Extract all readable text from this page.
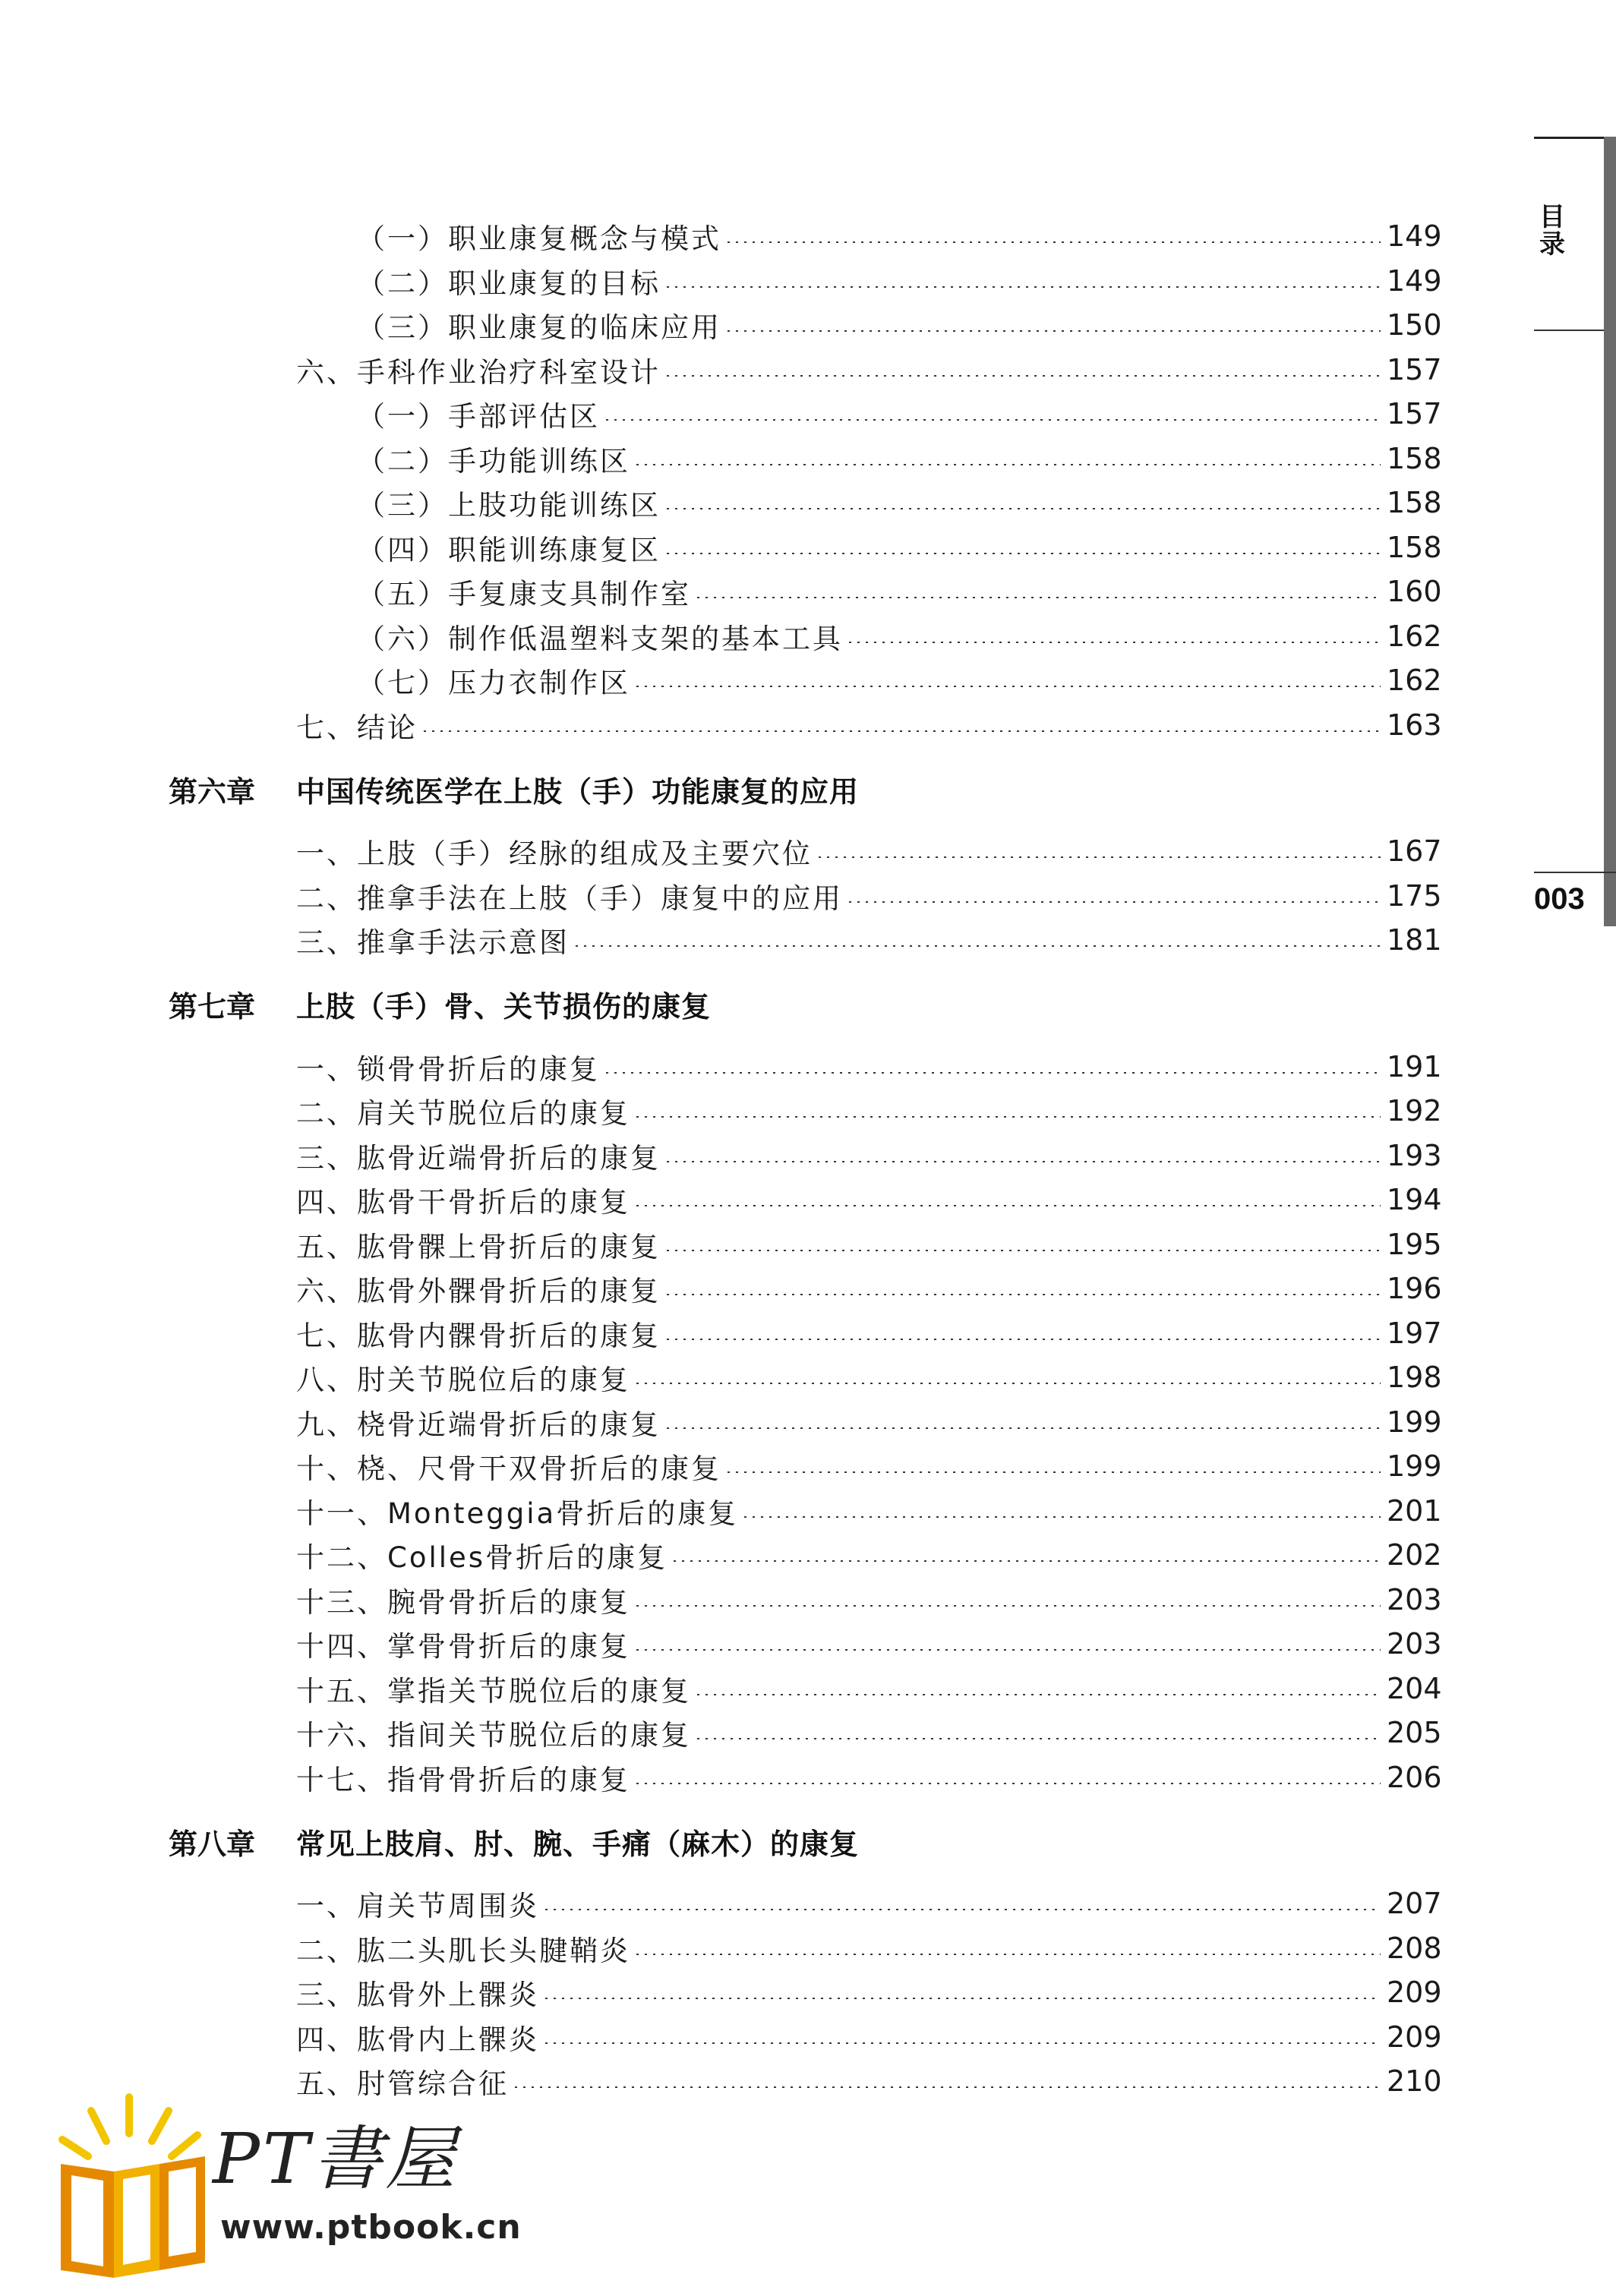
目
录
003
（一）职业康复概念与模式	149
（二）职业康复的目标	149
（三）职业康复的临床应用	150
六、手科作业治疗科室设计	157
（一）手部评估区	157
（二）手功能训练区	158
（三）上肢功能训练区	158
（四）职能训练康复区	158
（五）手复康支具制作室	160
（六）制作低温塑料支架的基本工具	162
（七）压力衣制作区	162
七、结论	163
第六章	中国传统医学在上肢（手）功能康复的应用
一、上肢（手）经脉的组成及主要穴位	167
二、推拿手法在上肢（手）康复中的应用	175
三、推拿手法示意图	181
第七章	上肢（手）骨、关节损伤的康复
一、锁骨骨折后的康复	191
二、肩关节脱位后的康复	192
三、肱骨近端骨折后的康复	193
四、肱骨干骨折后的康复	194
五、肱骨髁上骨折后的康复	195
六、肱骨外髁骨折后的康复	196
七、肱骨内髁骨折后的康复	197
八、肘关节脱位后的康复	198
九、桡骨近端骨折后的康复	199
十、桡、尺骨干双骨折后的康复	199
十一、Monteggia骨折后的康复	201
十二、Colles骨折后的康复	202
十三、腕骨骨折后的康复	203
十四、掌骨骨折后的康复	203
十五、掌指关节脱位后的康复	204
十六、指间关节脱位后的康复	205
十七、指骨骨折后的康复	206
第八章	常见上肢肩、肘、腕、手痛（麻木）的康复
一、肩关节周围炎	207
二、肱二头肌长头腱鞘炎	208
三、肱骨外上髁炎	209
四、肱骨内上髁炎	209
五、肘管综合征	210
PT書屋
www.ptbook.cn
